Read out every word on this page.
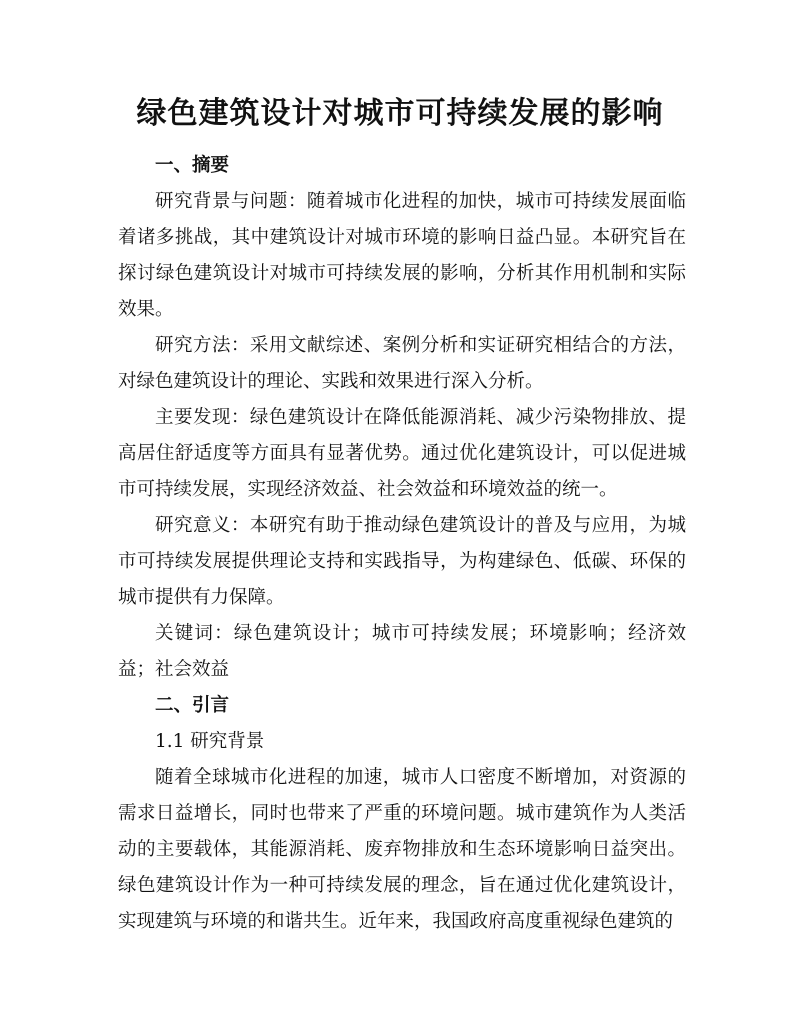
绿色建筑设计对城市可持续发展的影响

一、摘要

研究背景与问题：随着城市化进程的加快，城市可持续发展面临着诸多挑战，其中建筑设计对城市环境的影响日益凸显。本研究旨在探讨绿色建筑设计对城市可持续发展的影响，分析其作用机制和实际效果。

研究方法：采用文献综述、案例分析和实证研究相结合的方法，对绿色建筑设计的理论、实践和效果进行深入分析。

主要发现：绿色建筑设计在降低能源消耗、减少污染物排放、提高居住舒适度等方面具有显著优势。通过优化建筑设计，可以促进城市可持续发展，实现经济效益、社会效益和环境效益的统一。

研究意义：本研究有助于推动绿色建筑设计的普及与应用，为城市可持续发展提供理论支持和实践指导，为构建绿色、低碳、环保的城市提供有力保障。

关键词：绿色建筑设计；城市可持续发展；环境影响；经济效益；社会效益

二、引言

1.1 研究背景

随着全球城市化进程的加速，城市人口密度不断增加，对资源的需求日益增长，同时也带来了严重的环境问题。城市建筑作为人类活动的主要载体，其能源消耗、废弃物排放和生态环境影响日益突出。绿色建筑设计作为一种可持续发展的理念，旨在通过优化建筑设计，实现建筑与环境的和谐共生。近年来，我国政府高度重视绿色建筑的
